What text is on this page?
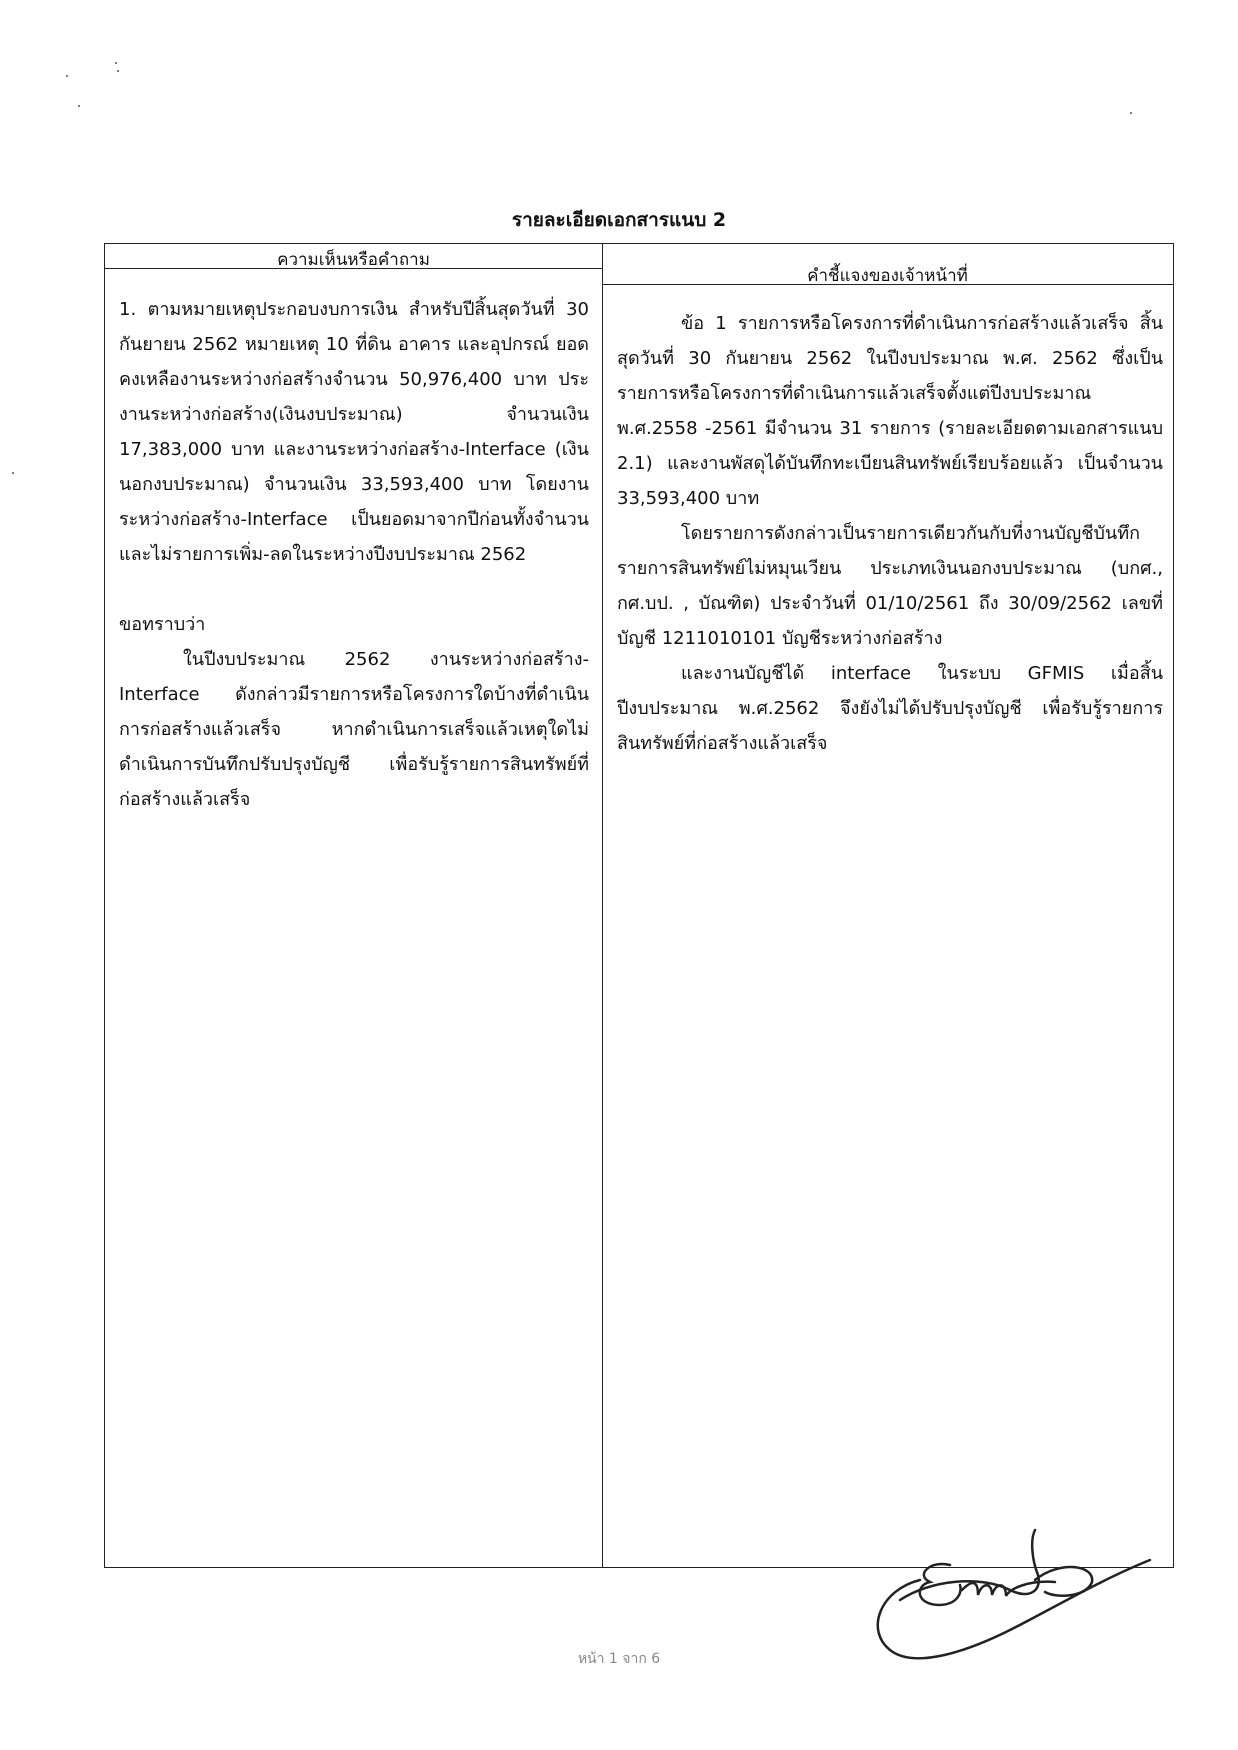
รายละเอียดเอกสารแนบ 2
ความเห็นหรือคำถาม
คำชี้แจงของเจ้าหน้าที่

1. ตามหมายเหตุประกอบงบการเงิน สำหรับปีสิ้นสุดวันที่ 30 กันยายน 2562 หมายเหตุ 10 ที่ดิน อาคาร และอุปกรณ์ ยอดคงเหลืองานระหว่างก่อสร้างจำนวน 50,976,400 บาท ประงานระหว่างก่อสร้าง(เงินงบประมาณ) จำนวนเงิน 17,383,000 บาท และงานระหว่างก่อสร้าง-Interface (เงินนอกงบประมาณ) จำนวนเงิน 33,593,400 บาท โดยงานระหว่างก่อสร้าง-Interface เป็นยอดมาจากปีก่อนทั้งจำนวนและไม่รายการเพิ่ม-ลดในระหว่างปีงบประมาณ 2562

ขอทราบว่า

ในปีงบประมาณ 2562 งานระหว่างก่อสร้าง-Interface ดังกล่าวมีรายการหรือโครงการใดบ้างที่ดำเนินการก่อสร้างแล้วเสร็จ หากดำเนินการเสร็จแล้วเหตุใดไม่ดำเนินการบันทึกปรับปรุงบัญชี เพื่อรับรู้รายการสินทรัพย์ที่ก่อสร้างแล้วเสร็จ

ข้อ 1 รายการหรือโครงการที่ดำเนินการก่อสร้างแล้วเสร็จ สิ้นสุดวันที่ 30 กันยายน 2562 ในปีงบประมาณ พ.ศ. 2562 ซึ่งเป็นรายการหรือโครงการที่ดำเนินการแล้วเสร็จตั้งแต่ปีงบประมาณ พ.ศ.2558 -2561 มีจำนวน 31 รายการ (รายละเอียดตามเอกสารแนบ 2.1) และงานพัสดุได้บันทึกทะเบียนสินทรัพย์เรียบร้อยแล้ว เป็นจำนวน 33,593,400 บาท

โดยรายการดังกล่าวเป็นรายการเดียวกันกับที่งานบัญชีบันทึกรายการสินทรัพย์ไม่หมุนเวียน ประเภทเงินนอกงบประมาณ (บกศ., กศ.บป. , บัณฑิต) ประจำวันที่ 01/10/2561 ถึง 30/09/2562 เลขที่บัญชี 1211010101 บัญชีระหว่างก่อสร้าง

และงานบัญชีได้ interface ในระบบ GFMIS เมื่อสิ้นปีงบประมาณ พ.ศ.2562 จึงยังไม่ได้ปรับปรุงบัญชี เพื่อรับรู้รายการสินทรัพย์ที่ก่อสร้างแล้วเสร็จ

หน้า 1 จาก 6
